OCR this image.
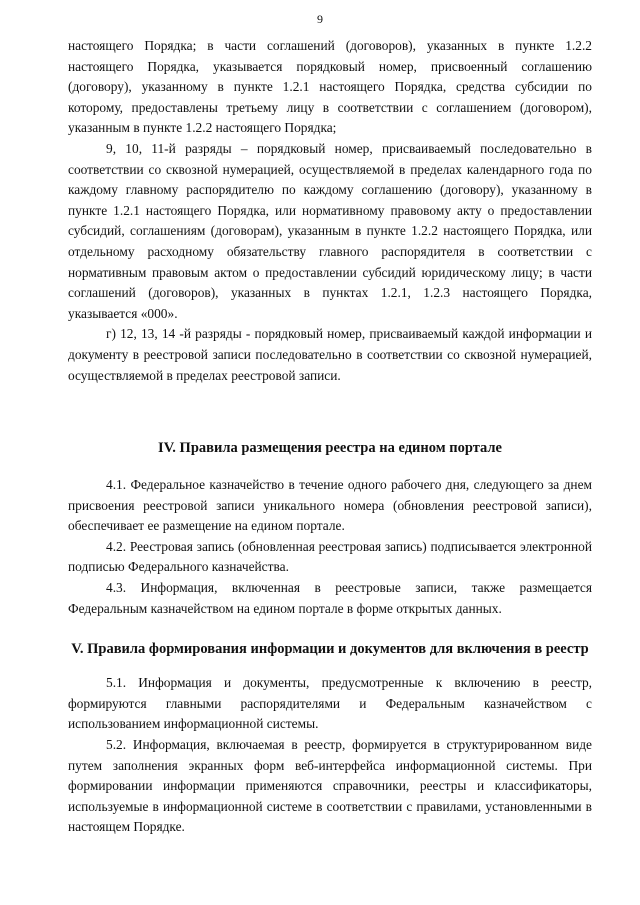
9

настоящего Порядка; в части соглашений (договоров), указанных в пункте 1.2.2 настоящего Порядка, указывается порядковый номер, присвоенный соглашению (договору), указанному в пункте 1.2.1 настоящего Порядка, средства субсидии по которому, предоставлены третьему лицу в соответствии с соглашением (договором), указанным в пункте 1.2.2 настоящего Порядка;

9, 10, 11-й разряды – порядковый номер, присваиваемый последовательно в соответствии со сквозной нумерацией, осуществляемой в пределах календарного года по каждому главному распорядителю по каждому соглашению (договору), указанному в пункте 1.2.1 настоящего Порядка, или нормативному правовому акту о предоставлении субсидий, соглашениям (договорам), указанным в пункте 1.2.2 настоящего Порядка, или отдельному расходному обязательству главного распорядителя в соответствии с нормативным правовым актом о предоставлении субсидий юридическому лицу; в части соглашений (договоров), указанных в пунктах 1.2.1, 1.2.3 настоящего Порядка, указывается «000».

г) 12, 13, 14 -й разряды - порядковый номер, присваиваемый каждой информации и документу в реестровой записи последовательно в соответствии со сквозной нумерацией, осуществляемой в пределах реестровой записи.

IV. Правила размещения реестра на едином портале

4.1. Федеральное казначейство в течение одного рабочего дня, следующего за днем присвоения реестровой записи уникального номера (обновления реестровой записи), обеспечивает ее размещение на едином портале.

4.2. Реестровая запись (обновленная реестровая запись) подписывается электронной подписью Федерального казначейства.

4.3. Информация, включенная в реестровые записи, также размещается Федеральным казначейством на едином портале в форме открытых данных.

V. Правила формирования информации и документов для включения в реестр

5.1. Информация и документы, предусмотренные к включению в реестр, формируются главными распорядителями и Федеральным казначейством с использованием информационной системы.

5.2. Информация, включаемая в реестр, формируется в структурированном виде путем заполнения экранных форм веб-интерфейса информационной системы. При формировании информации применяются справочники, реестры и классификаторы, используемые в информационной системе в соответствии с правилами, установленными в настоящем Порядке.
